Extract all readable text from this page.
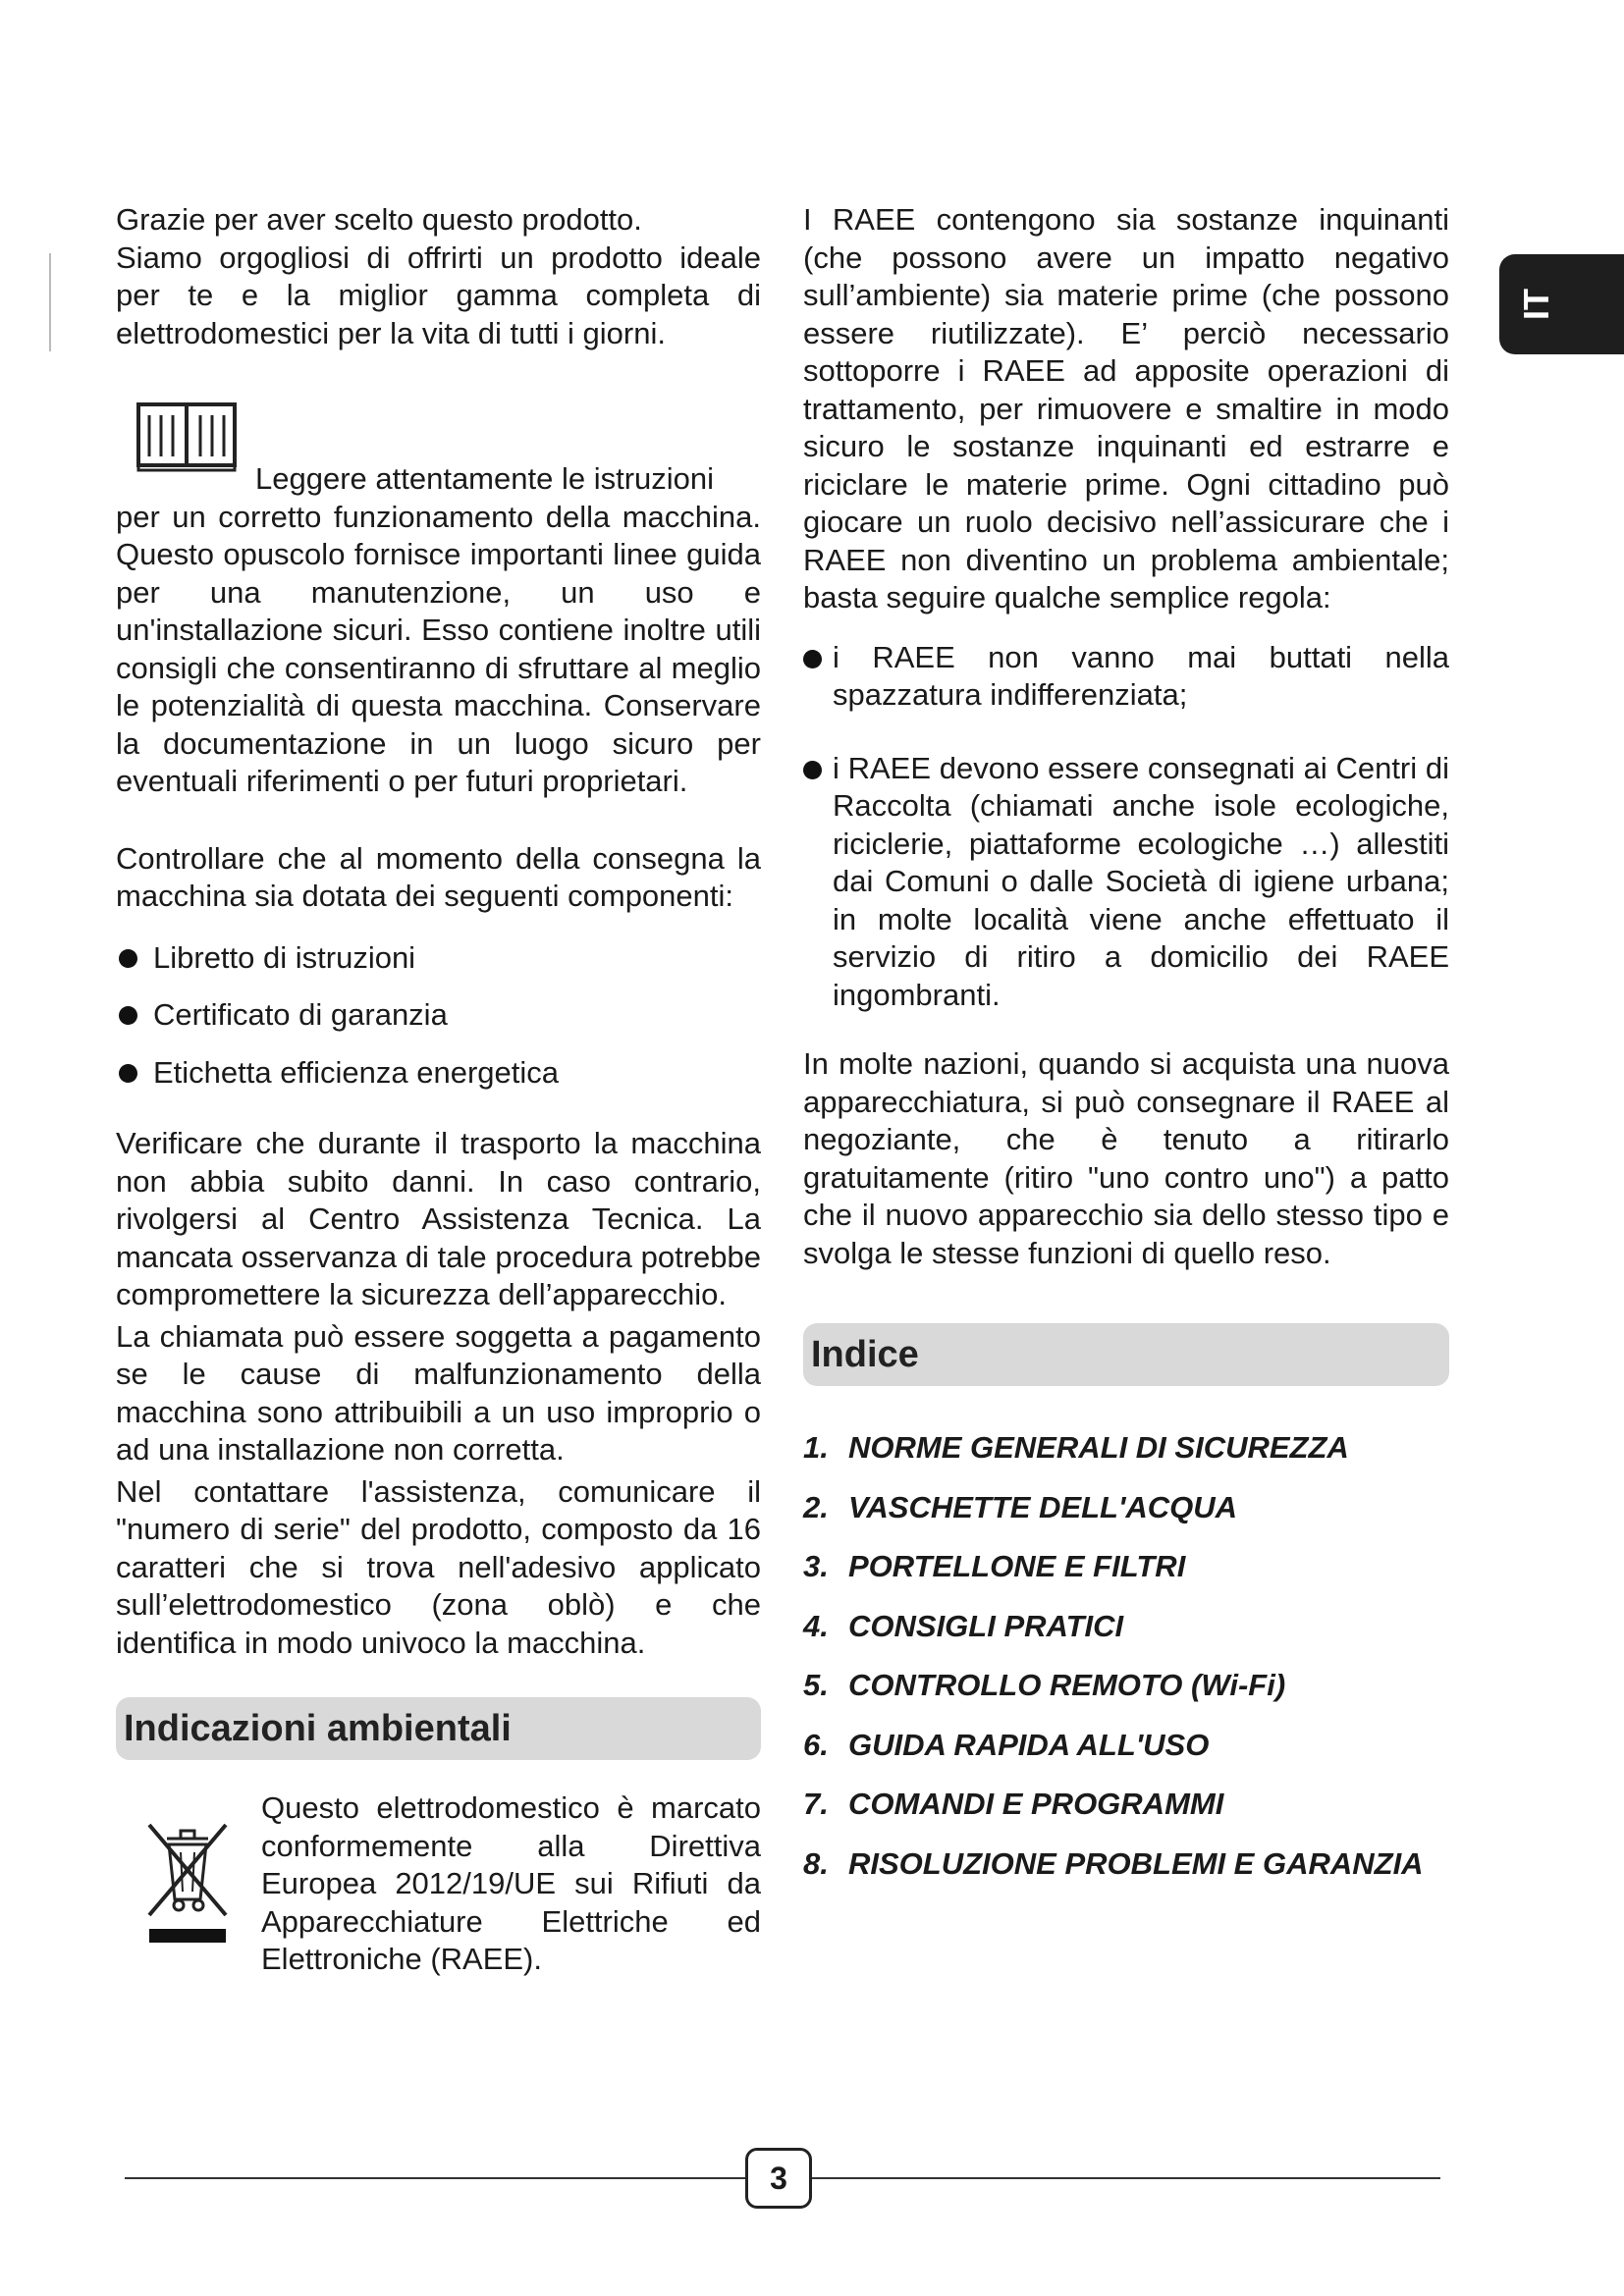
IT

Grazie per aver scelto questo prodotto.

Siamo orgogliosi di offrirti un prodotto ideale per te e la miglior gamma completa di elettrodomestici per la vita di tutti i giorni.

Leggere attentamente le istruzioni

per un corretto funzionamento della macchina. Questo opuscolo fornisce importanti linee guida per una manutenzione, un uso e un'installazione sicuri. Esso contiene inoltre utili consigli che consentiranno di sfruttare al meglio le potenzialità di questa macchina. Conservare la documentazione in un luogo sicuro per eventuali riferimenti o per futuri proprietari.

Controllare che al momento della consegna la macchina sia dotata dei seguenti componenti:

Libretto di istruzioni
Certificato di garanzia
Etichetta efficienza energetica

Verificare che durante il trasporto la macchina non abbia subito danni. In caso contrario, rivolgersi al Centro Assistenza Tecnica. La mancata osservanza di tale procedura potrebbe compromettere la sicurezza dell’apparecchio.

La chiamata può essere soggetta a pagamento se le cause di malfunzionamento della macchina sono attribuibili a un uso improprio o ad una installazione non corretta.

Nel contattare l'assistenza, comunicare il "numero di serie" del prodotto, composto da 16 caratteri che si trova nell'adesivo applicato sull’elettrodomestico (zona oblò) e che identifica in modo univoco la macchina.

Indicazioni ambientali

Questo elettrodomestico è marcato conformemente alla Direttiva Europea 2012/19/UE sui Rifiuti da Apparecchiature Elettriche ed Elettroniche (RAEE).

I RAEE contengono sia sostanze inquinanti (che possono avere un impatto negativo sull’ambiente) sia materie prime (che possono essere riutilizzate). E’ perciò necessario sottoporre i RAEE ad apposite operazioni di trattamento, per rimuovere e smaltire in modo sicuro le sostanze inquinanti ed estrarre e riciclare le materie prime. Ogni cittadino può giocare un ruolo decisivo nell’assicurare che i RAEE non diventino un problema ambientale; basta seguire qualche semplice regola:

i RAEE non vanno mai buttati nella spazzatura indifferenziata;
i RAEE devono essere consegnati ai Centri di Raccolta (chiamati anche isole ecologiche, riciclerie, piattaforme ecologiche …) allestiti dai Comuni o dalle Società di igiene urbana; in molte località viene anche effettuato il servizio di ritiro a domicilio dei RAEE ingombranti.

In molte nazioni, quando si acquista una nuova apparecchiatura, si può consegnare il RAEE al negoziante, che è tenuto a ritirarlo gratuitamente (ritiro "uno contro uno") a patto che il nuovo apparecchio sia dello stesso tipo e svolga le stesse funzioni di quello reso.

Indice
1. NORME GENERALI DI SICUREZZA
2. VASCHETTE DELL'ACQUA
3. PORTELLONE E FILTRI
4. CONSIGLI PRATICI
5. CONTROLLO REMOTO (Wi-Fi)
6. GUIDA RAPIDA ALL'USO
7. COMANDI E PROGRAMMI
8. RISOLUZIONE PROBLEMI E GARANZIA
3
